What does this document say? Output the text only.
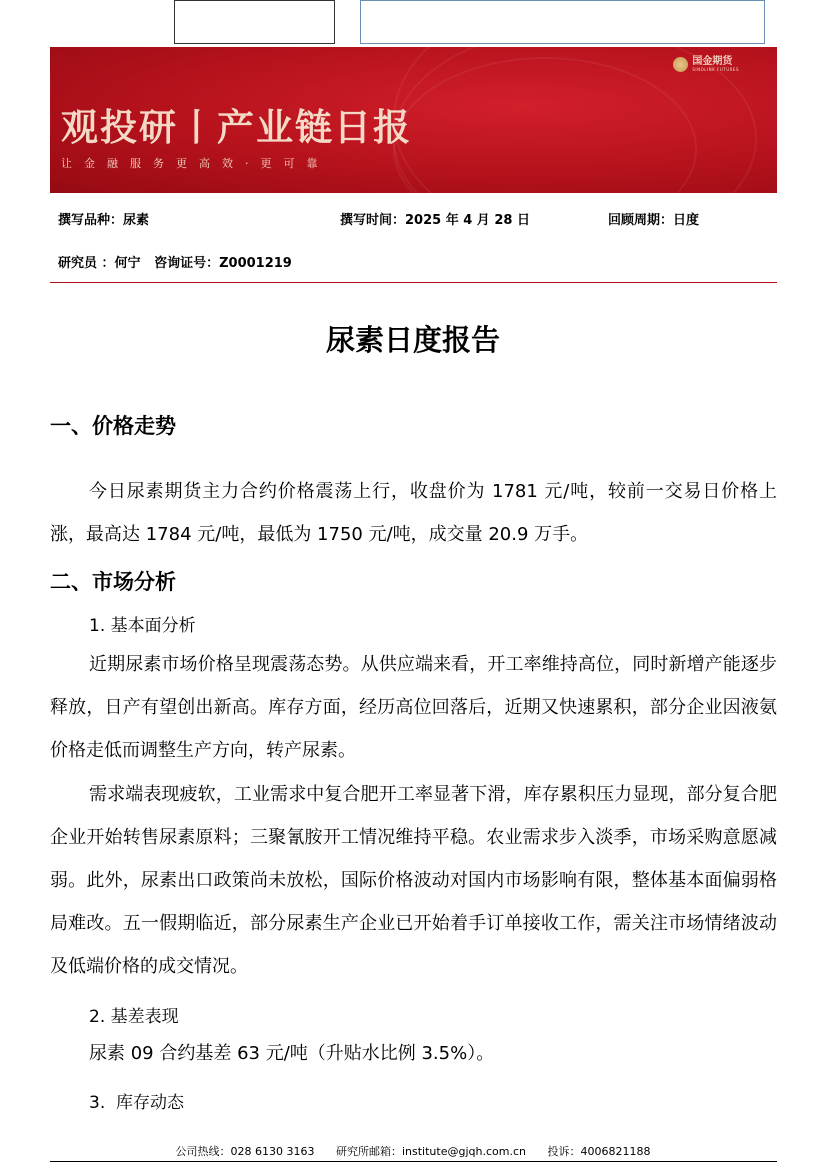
国金期货
SINOLINK FUTURES
观投研丨产业链日报
让金融服务更高效·更可靠
撰写品种：尿素	撰写时间：2025 年 4 月 28 日	回顾周期：日度
研究员 ：何宁   咨询证号：Z0001219
尿素日度报告
一、价格走势

今日尿素期货主力合约价格震荡上行，收盘价为 1781 元/吨，较前一交易日价格上涨，最高达 1784 元/吨，最低为 1750 元/吨，成交量 20.9 万手。

二、市场分析
1. 基本面分析

近期尿素市场价格呈现震荡态势。从供应端来看，开工率维持高位，同时新增产能逐步释放，日产有望创出新高。库存方面，经历高位回落后，近期又快速累积，部分企业因液氨价格走低而调整生产方向，转产尿素。

需求端表现疲软，工业需求中复合肥开工率显著下滑，库存累积压力显现，部分复合肥企业开始转售尿素原料；三聚氰胺开工情况维持平稳。农业需求步入淡季，市场采购意愿减弱。此外，尿素出口政策尚未放松，国际价格波动对国内市场影响有限，整体基本面偏弱格局难改。五一假期临近，部分尿素生产企业已开始着手订单接收工作，需关注市场情绪波动及低端价格的成交情况。

2. 基差表现

尿素 09 合约基差 63 元/吨（升贴水比例 3.5%）。

3.  库存动态
公司热线：028 6130 3163 研究所邮箱：institute@gjqh.com.cn 投诉：4006821188
